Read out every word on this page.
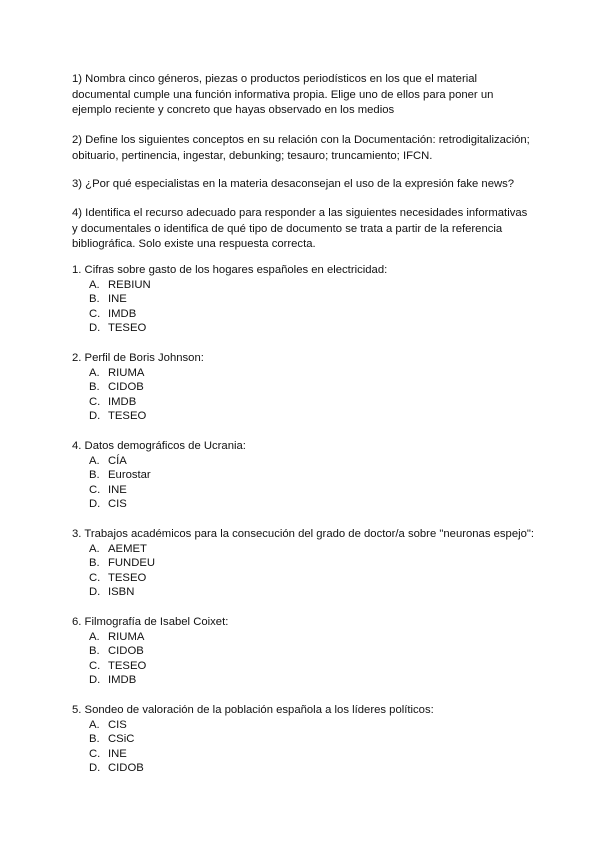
1) Nombra cinco géneros, piezas o productos periodísticos en los que el material documental cumple una función informativa propia. Elige uno de ellos para poner un ejemplo reciente y concreto que hayas observado en los medios

2) Define los siguientes conceptos en su relación con la Documentación: retrodigitalización; obituario, pertinencia, ingestar, debunking; tesauro; truncamiento; IFCN.

3) ¿Por qué especialistas en la materia desaconsejan el uso de la expresión fake news?

4) Identifica el recurso adecuado para responder a las siguientes necesidades informativas y documentales o identifica de qué tipo de documento se trata a partir de la referencia bibliográfica. Solo existe una respuesta correcta.

1. Cifras sobre gasto de los hogares españoles en electricidad:

A. REBIUN
B. INE
C. IMDB
D. TESEO

2. Perfil de Boris Johnson:

A. RIUMA
B. CIDOB
C. IMDB
D. TESEO

4. Datos demográficos de Ucrania:

A. CÍA
B. Eurostar
C. INE
D. CIS

3. Trabajos académicos para la consecución del grado de doctor/a sobre "neuronas espejo":

A. AEMET
B. FUNDEU
C. TESEO
D. ISBN

6. Filmografía de Isabel Coixet:

A. RIUMA
B. CIDOB
C. TESEO
D. IMDB

5. Sondeo de valoración de la población española a los líderes políticos:

A. CIS
B. CSiC
C. INE
D. CIDOB
